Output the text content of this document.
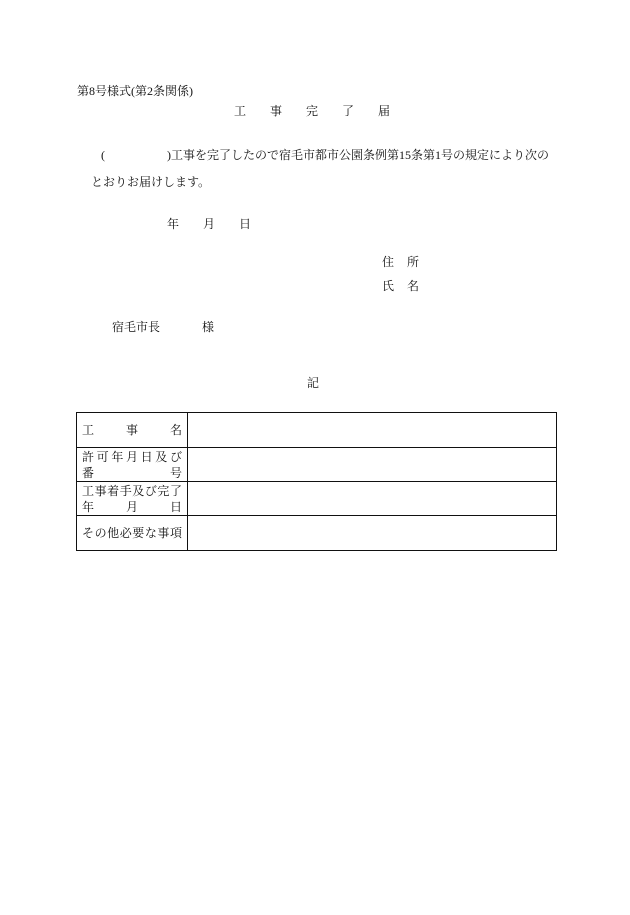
第8号様式(第2条関係)
工 事 完 了 届
(	)工事を完了したので宿毛市都市公園条例第15条第1号の規定により次の
とおりお届けします。
年 月 日
住 所
氏 名
宿毛市長	様
記
工	事	名
許 可 年 月 日 及 び
番	号
工 事 着 手 及 び 完 了
年	月	日
そ の 他 必 要 な 事 項
